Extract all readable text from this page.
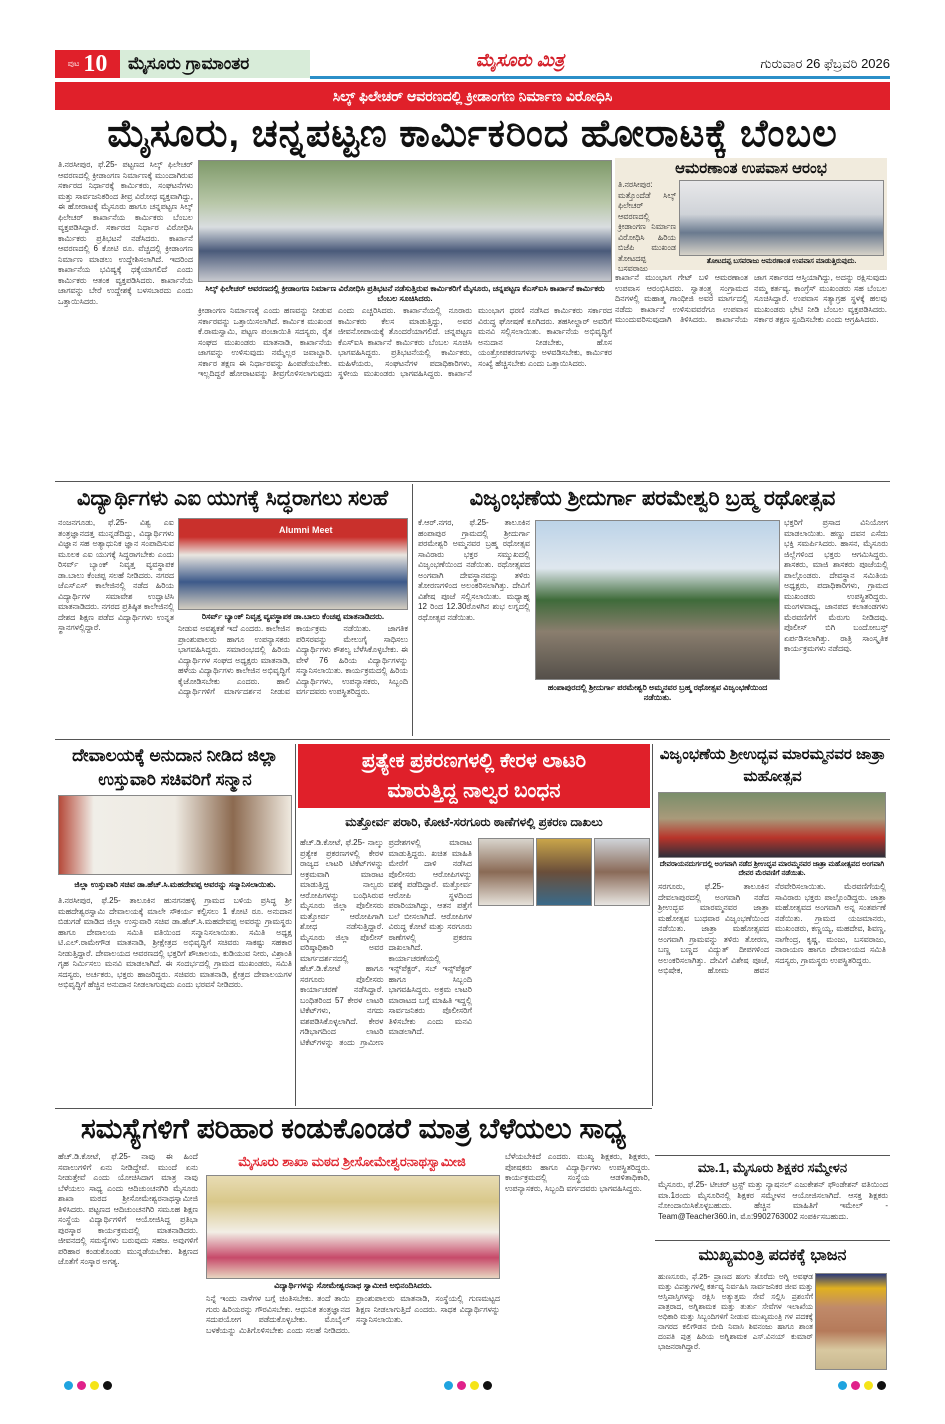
ಪುಟ 10	ಮೈಸೂರು ಗ್ರಾಮಾಂತರ	ಮೈಸೂರು ಮಿತ್ರ	ಗುರುವಾರ 26 ಫೆಬ್ರವರಿ 2026
ಸಿಲ್ಕ್ ಫಿಲೇಚರ್ ಆವರಣದಲ್ಲಿ ಕ್ರೀಡಾಂಗಣ ನಿರ್ಮಾಣ ವಿರೋಧಿಸಿ
ಮೈಸೂರು, ಚನ್ನಪಟ್ಟಣ ಕಾರ್ಮಿಕರಿಂದ ಹೋರಾಟಕ್ಕೆ ಬೆಂಬಲ
ತಿ.ನರಸೀಪುರ, ಫೆ.25- ಪಟ್ಟಣದ ಸಿಲ್ಕ್ ಫಿಲೇಚರ್ ಆವರಣದಲ್ಲಿ ಕ್ರೀಡಾಂಗಣ ನಿರ್ಮಾಣಕ್ಕೆ ಮುಂದಾಗಿರುವ ಸರ್ಕಾರದ ನಿರ್ಧಾರಕ್ಕೆ ಕಾರ್ಮಿಕರು, ಸಂಘಟನೆಗಳು ಮತ್ತು ಸಾರ್ವಜನಿಕರಿಂದ ತೀವ್ರ ವಿರೋಧ ವ್ಯಕ್ತವಾಗಿದ್ದು, ಈ ಹೋರಾಟಕ್ಕೆ ಮೈಸೂರು ಹಾಗೂ ಚನ್ನಪಟ್ಟಣ ಸಿಲ್ಕ್ ಫಿಲೇಚರ್ ಕಾರ್ಖಾನೆಯ ಕಾರ್ಮಿಕರು ಬೆಂಬಲ ವ್ಯಕ್ತಪಡಿಸಿದ್ದಾರೆ. ಸರ್ಕಾರದ ನಿರ್ಧಾರ ವಿರೋಧಿಸಿ ಕಾರ್ಮಿಕರು ಪ್ರತಿಭಟನೆ ನಡೆಸಿದರು. ಕಾರ್ಖಾನೆ ಆವರಣದಲ್ಲಿ 6 ಕೋಟಿ ರೂ. ವೆಚ್ಚದಲ್ಲಿ ಕ್ರೀಡಾಂಗಣ ನಿರ್ಮಾಣ ಮಾಡಲು ಉದ್ದೇಶಿಸಲಾಗಿದೆ. ಇದರಿಂದ ಕಾರ್ಖಾನೆಯ ಭವಿಷ್ಯಕ್ಕೆ ಧಕ್ಕೆಯಾಗಲಿದೆ ಎಂದು ಕಾರ್ಮಿಕರು ಆತಂಕ ವ್ಯಕ್ತಪಡಿಸಿದರು. ಕಾರ್ಖಾನೆಯ ಜಾಗವನ್ನು ಬೇರೆ ಉದ್ದೇಶಕ್ಕೆ ಬಳಸಬಾರದು ಎಂದು ಒತ್ತಾಯಿಸಿದರು.
ಸಿಲ್ಕ್ ಫಿಲೇಚರ್ ಆವರಣದಲ್ಲಿ ಕ್ರೀಡಾಂಗಣ ನಿರ್ಮಾಣ ವಿರೋಧಿಸಿ ಪ್ರತಿಭಟನೆ ನಡೆಸುತ್ತಿರುವ ಕಾರ್ಮಿಕರಿಗೆ ಮೈಸೂರು, ಚನ್ನಪಟ್ಟಣ ಕೆಎಸ್‌ಐಸಿ ಕಾರ್ಖಾನೆ ಕಾರ್ಮಿಕರು ಬೆಂಬಲ ಸೂಚಿಸಿದರು.
ಕ್ರೀಡಾಂಗಣ ನಿರ್ಮಾಣಕ್ಕೆ ಎಂದು ಹಣವನ್ನು ನೀಡುವ ಸರ್ಕಾರವನ್ನು ಒತ್ತಾಯಿಸಲಾಗಿದೆ. ಕಾರ್ಮಿಕ ಮುಖಂಡ ಕೆ.ರಾಮಸ್ವಾಮಿ, ಪಟ್ಟಣ ಪಂಚಾಯಿತಿ ಸದಸ್ಯರು, ರೈತ ಸಂಘದ ಮುಖಂಡರು ಮಾತನಾಡಿ, ಕಾರ್ಖಾನೆಯ ಜಾಗವನ್ನು ಉಳಿಸುವುದು ನಮ್ಮೆಲ್ಲರ ಜವಾಬ್ದಾರಿ. ಸರ್ಕಾರ ತಕ್ಷಣ ಈ ನಿರ್ಧಾರವನ್ನು ಹಿಂಪಡೆಯಬೇಕು. ಇಲ್ಲದಿದ್ದರೆ ಹೋರಾಟವನ್ನು ತೀವ್ರಗೊಳಿಸಲಾಗುವುದು ಎಂದು ಎಚ್ಚರಿಸಿದರು. ಕಾರ್ಖಾನೆಯಲ್ಲಿ ನೂರಾರು ಕಾರ್ಮಿಕರು ಕೆಲಸ ಮಾಡುತ್ತಿದ್ದು, ಅವರ ಜೀವನೋಪಾಯಕ್ಕೆ ತೊಂದರೆಯಾಗಲಿದೆ. ಚನ್ನಪಟ್ಟಣ ಕೆಎಸ್‌ಐಸಿ ಕಾರ್ಖಾನೆ ಕಾರ್ಮಿಕರು ಬೆಂಬಲ ಸೂಚಿಸಿ ಭಾಗವಹಿಸಿದ್ದರು. ಪ್ರತಿಭಟನೆಯಲ್ಲಿ ಕಾರ್ಮಿಕರು, ಮಹಿಳೆಯರು, ಸಂಘಟನೆಗಳ ಪದಾಧಿಕಾರಿಗಳು, ಸ್ಥಳೀಯ ಮುಖಂಡರು ಭಾಗವಹಿಸಿದ್ದರು. ಕಾರ್ಖಾನೆ ಮುಂಭಾಗ ಧರಣಿ ನಡೆಸಿದ ಕಾರ್ಮಿಕರು ಸರ್ಕಾರದ ವಿರುದ್ಧ ಘೋಷಣೆ ಕೂಗಿದರು. ತಹಸೀಲ್ದಾರ್ ಅವರಿಗೆ ಮನವಿ ಸಲ್ಲಿಸಲಾಯಿತು. ಕಾರ್ಖಾನೆಯ ಅಭಿವೃದ್ಧಿಗೆ ಅನುದಾನ ನೀಡಬೇಕು, ಹೊಸ ಯಂತ್ರೋಪಕರಣಗಳನ್ನು ಅಳವಡಿಸಬೇಕು, ಕಾರ್ಮಿಕರ ಸಂಖ್ಯೆ ಹೆಚ್ಚಿಸಬೇಕು ಎಂದು ಒತ್ತಾಯಿಸಿದರು.
ಆಮರಣಾಂತ ಉಪವಾಸ ಆರಂಭ
ತಿ.ನರಸೀಪುರ: ಮತ್ತೊಂದೆಡೆ ಸಿಲ್ಕ್ ಫಿಲೇಚರ್ ಆವರಣದಲ್ಲಿ ಕ್ರೀಡಾಂಗಣ ನಿರ್ಮಾಣ ವಿರೋಧಿಸಿ ಹಿರಿಯ ಬಿಜೆಪಿ ಮುಖಂಡ ತೋಟದಪ್ಪ ಬಸವರಾಜು
ತೋಟದಪ್ಪ ಬಸವರಾಜು ಆಮರಣಾಂತ ಉಪವಾಸ ಮಾಡುತ್ತಿರುವುದು.
ಕಾರ್ಖಾನೆ ಮುಂಭಾಗ ಗೇಟ್ ಬಳಿ ಆಮರಣಾಂತ ಉಪವಾಸ ಆರಂಭಿಸಿದರು. ಸ್ವಾತಂತ್ರ್ಯ ಸಂಗ್ರಾಮದ ದಿನಗಳಲ್ಲಿ ಮಹಾತ್ಮ ಗಾಂಧೀಜಿ ಅವರ ಮಾರ್ಗದಲ್ಲಿ ನಡೆದು ಕಾರ್ಖಾನೆ ಉಳಿಸುವವರೆಗೂ ಉಪವಾಸ ಮುಂದುವರಿಸುವುದಾಗಿ ತಿಳಿಸಿದರು. ಕಾರ್ಖಾನೆಯ ಜಾಗ ಸರ್ಕಾರದ ಆಸ್ತಿಯಾಗಿದ್ದು, ಅದನ್ನು ರಕ್ಷಿಸುವುದು ನಮ್ಮ ಕರ್ತವ್ಯ. ಕಾಂಗ್ರೆಸ್ ಮುಖಂಡರು ಸಹ ಬೆಂಬಲ ಸೂಚಿಸಿದ್ದಾರೆ. ಉಪವಾಸ ಸತ್ಯಾಗ್ರಹ ಸ್ಥಳಕ್ಕೆ ಹಲವು ಮುಖಂಡರು ಭೇಟಿ ನೀಡಿ ಬೆಂಬಲ ವ್ಯಕ್ತಪಡಿಸಿದರು. ಸರ್ಕಾರ ತಕ್ಷಣ ಸ್ಪಂದಿಸಬೇಕು ಎಂದು ಆಗ್ರಹಿಸಿದರು.
ವಿದ್ಯಾರ್ಥಿಗಳು ಎಐ ಯುಗಕ್ಕೆ ಸಿದ್ಧರಾಗಲು ಸಲಹೆ
ನಂಜನಗೂಡು, ಫೆ.25- ವಿಶ್ವ ಎಐ ತಂತ್ರಜ್ಞಾನದತ್ತ ಮುನ್ನಡೆದಿದ್ದು, ವಿದ್ಯಾರ್ಥಿಗಳು ವಿಜ್ಞಾನ ಸಹ ಅತ್ಯಾಧುನಿಕ ಜ್ಞಾನ ಸಂಪಾದಿಸುವ ಮೂಲಕ ಎಐ ಯುಗಕ್ಕೆ ಸಿದ್ಧರಾಗಬೇಕು ಎಂದು ರಿಸರ್ವ್ ಬ್ಯಾಂಕ್ ನಿವೃತ್ತ ವ್ಯವಸ್ಥಾಪಕ ಡಾ.ಬಾಲು ಕೆಂಚಪ್ಪ ಸಲಹೆ ನೀಡಿದರು. ನಗರದ ಜೆಎಸ್‌ಎಸ್ ಕಾಲೇಜಿನಲ್ಲಿ ನಡೆದ ಹಿರಿಯ ವಿದ್ಯಾರ್ಥಿಗಳ ಸಮಾವೇಶ ಉದ್ಘಾಟಿಸಿ ಮಾತನಾಡಿದರು. ನಗರದ ಪ್ರತಿಷ್ಠಿತ ಕಾಲೇಜಿನಲ್ಲಿ ದೇಶದ ಶಿಕ್ಷಣ ಪಡೆದ ವಿದ್ಯಾರ್ಥಿಗಳು ಉನ್ನತ ಸ್ಥಾನಗಳಲ್ಲಿದ್ದಾರೆ.
Alumni Meet
ರಿಸರ್ವ್ ಬ್ಯಾಂಕ್ ನಿವೃತ್ತ ವ್ಯವಸ್ಥಾಪಕ ಡಾ.ಬಾಲು ಕೆಂಚಪ್ಪ ಮಾತನಾಡಿದರು.
ನೀಡುವ ಅವಶ್ಯಕತೆ ಇದೆ ಎಂದರು. ಕಾಲೇಜಿನ ಪ್ರಾಂಶುಪಾಲರು ಹಾಗೂ ಉಪನ್ಯಾಸಕರು ಭಾಗವಹಿಸಿದ್ದರು. ಸಮಾರಂಭದಲ್ಲಿ ಹಿರಿಯ ವಿದ್ಯಾರ್ಥಿಗಳ ಸಂಘದ ಅಧ್ಯಕ್ಷರು ಮಾತನಾಡಿ, ಹಳೆಯ ವಿದ್ಯಾರ್ಥಿಗಳು ಕಾಲೇಜಿನ ಅಭಿವೃದ್ಧಿಗೆ ಕೈಜೋಡಿಸಬೇಕು ಎಂದರು. ಹಾಲಿ ವಿದ್ಯಾರ್ಥಿಗಳಿಗೆ ಮಾರ್ಗದರ್ಶನ ನೀಡುವ ಕಾರ್ಯಕ್ರಮ ನಡೆಯಿತು. ಜಾಗತಿಕ ಪರಿಸರವನ್ನು ಮೇಲುಗೈ ಸಾಧಿಸಲು ವಿದ್ಯಾರ್ಥಿಗಳು ಕೌಶಲ್ಯ ಬೆಳೆಸಿಕೊಳ್ಳಬೇಕು. ಈ ವೇಳೆ 76 ಹಿರಿಯ ವಿದ್ಯಾರ್ಥಿಗಳನ್ನು ಸನ್ಮಾನಿಸಲಾಯಿತು. ಕಾರ್ಯಕ್ರಮದಲ್ಲಿ ಹಿರಿಯ ವಿದ್ಯಾರ್ಥಿಗಳು, ಉಪನ್ಯಾಸಕರು, ಸಿಬ್ಬಂದಿ ವರ್ಗದವರು ಉಪಸ್ಥಿತರಿದ್ದರು.
ವಿಜೃಂಭಣೆಯ ಶ್ರೀದುರ್ಗಾ ಪರಮೇಶ್ವರಿ ಬ್ರಹ್ಮ ರಥೋತ್ಸವ
ಕೆ.ಆರ್.ನಗರ, ಫೆ.25- ತಾಲೂಕಿನ ಹಂಪಾಪುರ ಗ್ರಾಮದಲ್ಲಿ ಶ್ರೀದುರ್ಗಾ ಪರಮೇಶ್ವರಿ ಅಮ್ಮನವರ ಬ್ರಹ್ಮ ರಥೋತ್ಸವ ಸಾವಿರಾರು ಭಕ್ತರ ಸಮ್ಮುಖದಲ್ಲಿ ವಿಜೃಂಭಣೆಯಿಂದ ನಡೆಯಿತು. ರಥೋತ್ಸವದ ಅಂಗವಾಗಿ ದೇವಸ್ಥಾನವನ್ನು ತಳಿರು ತೋರಣಗಳಿಂದ ಅಲಂಕರಿಸಲಾಗಿತ್ತು. ದೇವಿಗೆ ವಿಶೇಷ ಪೂಜೆ ಸಲ್ಲಿಸಲಾಯಿತು. ಮಧ್ಯಾಹ್ನ 12 ರಿಂದ 12.30ರೊಳಗಿನ ಶುಭ ಲಗ್ನದಲ್ಲಿ ರಥೋತ್ಸವ ನಡೆಯಿತು.
ಹಂಪಾಪುರದಲ್ಲಿ ಶ್ರೀದುರ್ಗಾ ಪರಮೇಶ್ವರಿ ಅಮ್ಮನವರ ಬ್ರಹ್ಮ ರಥೋತ್ಸವ ವಿಜೃಂಭಣೆಯಿಂದ ನಡೆಯಿತು.
ಭಕ್ತರಿಗೆ ಪ್ರಸಾದ ವಿನಿಯೋಗ ಮಾಡಲಾಯಿತು. ಹಣ್ಣು ದವನ ಎಸೆದು ಭಕ್ತಿ ಸಮರ್ಪಿಸಿದರು. ಹಾಸನ, ಮೈಸೂರು ಜಿಲ್ಲೆಗಳಿಂದ ಭಕ್ತರು ಆಗಮಿಸಿದ್ದರು. ಶಾಸಕರು, ಮಾಜಿ ಶಾಸಕರು ಪೂಜೆಯಲ್ಲಿ ಪಾಲ್ಗೊಂಡರು. ದೇವಸ್ಥಾನ ಸಮಿತಿಯ ಅಧ್ಯಕ್ಷರು, ಪದಾಧಿಕಾರಿಗಳು, ಗ್ರಾಮದ ಮುಖಂಡರು ಉಪಸ್ಥಿತರಿದ್ದರು. ಮಂಗಳವಾದ್ಯ, ಜಾನಪದ ಕಲಾತಂಡಗಳು ಮೆರವಣಿಗೆಗೆ ಮೆರುಗು ನೀಡಿದವು. ಪೊಲೀಸ್ ಬಿಗಿ ಬಂದೋಬಸ್ತ್ ಏರ್ಪಡಿಸಲಾಗಿತ್ತು. ರಾತ್ರಿ ಸಾಂಸ್ಕೃತಿಕ ಕಾರ್ಯಕ್ರಮಗಳು ನಡೆದವು.
ದೇವಾಲಯಕ್ಕೆ ಅನುದಾನ ನೀಡಿದ ಜಿಲ್ಲಾ ಉಸ್ತುವಾರಿ ಸಚಿವರಿಗೆ ಸನ್ಮಾನ
ಜಿಲ್ಲಾ ಉಸ್ತುವಾರಿ ಸಚಿವ ಡಾ.ಹೆಚ್.ಸಿ.ಮಹದೇವಪ್ಪ ಅವರನ್ನು ಸನ್ಮಾನಿಸಲಾಯಿತು.
ತಿ.ನರಸೀಪುರ, ಫೆ.25- ತಾಲೂಕಿನ ಹುನಗನಹಳ್ಳಿ ಗ್ರಾಮದ ಬಳಿಯ ಪ್ರಸಿದ್ಧ ಶ್ರೀ ಮಹದೇಶ್ವರಸ್ವಾಮಿ ದೇವಾಲಯಕ್ಕೆ ಮಾಲೇ ಸೌಕರ್ಯ ಕಲ್ಪಿಸಲು 1 ಕೋಟಿ ರೂ. ಅನುದಾನ ಬಿಡುಗಡೆ ಮಾಡಿದ ಜಿಲ್ಲಾ ಉಸ್ತುವಾರಿ ಸಚಿವ ಡಾ.ಹೆಚ್.ಸಿ.ಮಹದೇವಪ್ಪ ಅವರನ್ನು ಗ್ರಾಮಸ್ಥರು ಹಾಗೂ ದೇವಾಲಯ ಸಮಿತಿ ವತಿಯಿಂದ ಸನ್ಮಾನಿಸಲಾಯಿತು. ಸಮಿತಿ ಅಧ್ಯಕ್ಷ ಟಿ.ಎಲ್.ರಾಮೇಗೌಡ ಮಾತನಾಡಿ, ಶ್ರೀಕ್ಷೇತ್ರದ ಅಭಿವೃದ್ಧಿಗೆ ಸಚಿವರು ಸಾಕಷ್ಟು ಸಹಕಾರ ನೀಡುತ್ತಿದ್ದಾರೆ. ದೇವಾಲಯದ ಆವರಣದಲ್ಲಿ ಭಕ್ತರಿಗೆ ಶೌಚಾಲಯ, ಕುಡಿಯುವ ನೀರು, ವಿಶ್ರಾಂತಿ ಗೃಹ ನಿರ್ಮಿಸಲು ಮನವಿ ಮಾಡಲಾಗಿದೆ. ಈ ಸಂದರ್ಭದಲ್ಲಿ ಗ್ರಾಮದ ಮುಖಂಡರು, ಸಮಿತಿ ಸದಸ್ಯರು, ಅರ್ಚಕರು, ಭಕ್ತರು ಹಾಜರಿದ್ದರು. ಸಚಿವರು ಮಾತನಾಡಿ, ಕ್ಷೇತ್ರದ ದೇವಾಲಯಗಳ ಅಭಿವೃದ್ಧಿಗೆ ಹೆಚ್ಚಿನ ಅನುದಾನ ನೀಡಲಾಗುವುದು ಎಂದು ಭರವಸೆ ನೀಡಿದರು.
ಪ್ರತ್ಯೇಕ ಪ್ರಕರಣಗಳಲ್ಲಿ ಕೇರಳ ಲಾಟರಿ
ಮಾರುತ್ತಿದ್ದ ನಾಲ್ವರ ಬಂಧನ
ಮತ್ತೋರ್ವ ಪರಾರಿ, ಕೋಟೆ-ಸರಗೂರು ಠಾಣೆಗಳಲ್ಲಿ ಪ್ರಕರಣ ದಾಖಲು
ಹೆಚ್.ಡಿ.ಕೋಟೆ, ಫೆ.25- ನಾಲ್ಕು ಪ್ರತ್ಯೇಕ ಪ್ರಕರಣಗಳಲ್ಲಿ ಕೇರಳ ರಾಜ್ಯದ ಲಾಟರಿ ಟಿಕೆಟ್‌ಗಳನ್ನು ಅಕ್ರಮವಾಗಿ ಮಾರಾಟ ಮಾಡುತ್ತಿದ್ದ ನಾಲ್ವರು ಆರೋಪಿಗಳನ್ನು ಬಂಧಿಸಿರುವ ಮೈಸೂರು ಜಿಲ್ಲಾ ಪೊಲೀಸರು ಮತ್ತೋರ್ವ ಆರೋಪಿಗಾಗಿ ಶೋಧ ನಡೆಸುತ್ತಿದ್ದಾರೆ. ಮೈಸೂರು ಜಿಲ್ಲಾ ಪೊಲೀಸ್ ವರಿಷ್ಠಾಧಿಕಾರಿ ಅವರ ಮಾರ್ಗದರ್ಶನದಲ್ಲಿ ಹೆಚ್.ಡಿ.ಕೋಟೆ ಹಾಗೂ ಸರಗೂರು ಪೊಲೀಸರು ಕಾರ್ಯಾಚರಣೆ ನಡೆಸಿದ್ದಾರೆ. ಬಂಧಿತರಿಂದ 57 ಕೇರಳ ಲಾಟರಿ ಟಿಕೆಟ್‌ಗಳು, ನಗದು ವಶಪಡಿಸಿಕೊಳ್ಳಲಾಗಿದೆ. ಕೇರಳ ಗಡಿಭಾಗದಿಂದ ಲಾಟರಿ ಟಿಕೆಟ್‌ಗಳನ್ನು ತಂದು ಗ್ರಾಮೀಣ ಪ್ರದೇಶಗಳಲ್ಲಿ ಮಾರಾಟ ಮಾಡುತ್ತಿದ್ದರು. ಖಚಿತ ಮಾಹಿತಿ ಮೇರೆಗೆ ದಾಳಿ ನಡೆಸಿದ ಪೊಲೀಸರು ಆರೋಪಿಗಳನ್ನು ವಶಕ್ಕೆ ಪಡೆದಿದ್ದಾರೆ. ಮತ್ತೋರ್ವ ಆರೋಪಿ ಸ್ಥಳದಿಂದ ಪರಾರಿಯಾಗಿದ್ದು, ಆತನ ಪತ್ತೆಗೆ ಬಲೆ ಬೀಸಲಾಗಿದೆ. ಆರೋಪಿಗಳ ವಿರುದ್ಧ ಕೋಟೆ ಮತ್ತು ಸರಗೂರು ಠಾಣೆಗಳಲ್ಲಿ ಪ್ರಕರಣ ದಾಖಲಾಗಿದೆ. ಕಾರ್ಯಾಚರಣೆಯಲ್ಲಿ ಇನ್ಸ್‌ಪೆಕ್ಟರ್, ಸಬ್ ಇನ್ಸ್‌ಪೆಕ್ಟರ್ ಹಾಗೂ ಸಿಬ್ಬಂದಿ ಭಾಗವಹಿಸಿದ್ದರು. ಅಕ್ರಮ ಲಾಟರಿ ಮಾರಾಟದ ಬಗ್ಗೆ ಮಾಹಿತಿ ಇದ್ದಲ್ಲಿ ಸಾರ್ವಜನಿಕರು ಪೊಲೀಸರಿಗೆ ತಿಳಿಸಬೇಕು ಎಂದು ಮನವಿ ಮಾಡಲಾಗಿದೆ.
ವಿಜೃಂಭಣೆಯ ಶ್ರೀಉದ್ಭವ ಮಾರಮ್ಮನವರ ಜಾತ್ರಾ ಮಹೋತ್ಸವ
ದೇವರಾಯನದುರ್ಗದಲ್ಲಿ ಅಂಗವಾಗಿ ನಡೆದ ಶ್ರೀಉದ್ಭವ ಮಾರಮ್ಮನವರ ಜಾತ್ರಾ ಮಹೋತ್ಸವದ ಅಂಗವಾಗಿ ದೇವರ ಮೆರವಣಿಗೆ ನಡೆಯಿತು.
ಸರಗೂರು, ಫೆ.25- ತಾಲೂಕಿನ ದೇವಲಾಪುರದಲ್ಲಿ ಅಂಗವಾಗಿ ನಡೆದ ಶ್ರೀಉದ್ಭವ ಮಾರಮ್ಮನವರ ಜಾತ್ರಾ ಮಹೋತ್ಸವ ಬುಧವಾರ ವಿಜೃಂಭಣೆಯಿಂದ ನಡೆಯಿತು. ಜಾತ್ರಾ ಮಹೋತ್ಸವದ ಅಂಗವಾಗಿ ಗ್ರಾಮವನ್ನು ತಳಿರು ತೋರಣ, ಬಣ್ಣ ಬಣ್ಣದ ವಿದ್ಯುತ್ ದೀಪಗಳಿಂದ ಅಲಂಕರಿಸಲಾಗಿತ್ತು. ದೇವಿಗೆ ವಿಶೇಷ ಪೂಜೆ, ಅಭಿಷೇಕ, ಹೋಮ ಹವನ ನೆರವೇರಿಸಲಾಯಿತು. ಮೆರವಣಿಗೆಯಲ್ಲಿ ಸಾವಿರಾರು ಭಕ್ತರು ಪಾಲ್ಗೊಂಡಿದ್ದರು. ಜಾತ್ರಾ ಮಹೋತ್ಸವದ ಅಂಗವಾಗಿ ಅನ್ನ ಸಂತರ್ಪಣೆ ನಡೆಯಿತು. ಗ್ರಾಮದ ಯಜಮಾನರು, ಮುಖಂಡರು, ಕಣ್ಣಯ್ಯ, ಮಹದೇವ, ಶಿವಣ್ಣ, ನಾಗೇಂದ್ರ, ಕೃಷ್ಣ, ಮಂಜು, ಬಸವರಾಜು, ನಾರಾಯಣ ಹಾಗೂ ದೇವಾಲಯದ ಸಮಿತಿ ಸದಸ್ಯರು, ಗ್ರಾಮಸ್ಥರು ಉಪಸ್ಥಿತರಿದ್ದರು.
ಸಮಸ್ಯೆಗಳಿಗೆ ಪರಿಹಾರ ಕಂಡುಕೊಂಡರೆ ಮಾತ್ರ ಬೆಳೆಯಲು ಸಾಧ್ಯ
ಹೆಚ್.ಡಿ.ಕೋಟೆ, ಫೆ.25- ನಾವು ಈ ಹಿಂದೆ ಸವಾಲುಗಳಿಗೆ ಏನು ನೀಡಿದ್ದೇವೆ. ಮುಂದೆ ಏನು ನೀಡುತ್ತೇವೆ ಎಂದು ಯೋಚಿಸಿದಾಗ ಮಾತ್ರ ನಾವು ಬೆಳೆಯಲು ಸಾಧ್ಯ ಎಂದು ಆದಿಚುಂಚನಗಿರಿ ಮೈಸೂರು ಶಾಖಾ ಮಠದ ಶ್ರೀಸೋಮೇಶ್ವರನಾಥಸ್ವಾಮೀಜಿ ತಿಳಿಸಿದರು. ಪಟ್ಟಣದ ಆದಿಚುಂಚನಗಿರಿ ಸಮೂಹ ಶಿಕ್ಷಣ ಸಂಸ್ಥೆಯ ವಿದ್ಯಾರ್ಥಿಗಳಿಗೆ ಆಯೋಜಿಸಿದ್ದ ಪ್ರತಿಭಾ ಪುರಸ್ಕಾರ ಕಾರ್ಯಕ್ರಮದಲ್ಲಿ ಮಾತನಾಡಿದರು. ಜೀವನದಲ್ಲಿ ಸಮಸ್ಯೆಗಳು ಬರುವುದು ಸಹಜ. ಅವುಗಳಿಗೆ ಪರಿಹಾರ ಕಂಡುಕೊಂಡು ಮುನ್ನಡೆಯಬೇಕು. ಶಿಕ್ಷಣದ ಜೊತೆಗೆ ಸಂಸ್ಕಾರ ಅಗತ್ಯ.
ಮೈಸೂರು ಶಾಖಾ ಮಠದ ಶ್ರೀಸೋಮೇಶ್ವರನಾಥಸ್ವಾಮೀಜಿ
ವಿದ್ಯಾರ್ಥಿಗಳನ್ನು ಸೋಮೇಶ್ವರನಾಥ ಸ್ವಾಮೀಜಿ ಅಭಿನಂದಿಸಿದರು.
ನಿನ್ನೆ ಇಂದು ನಾಳೆಗಳ ಬಗ್ಗೆ ಚಿಂತಿಸಬೇಕು. ತಂದೆ ತಾಯಿ ಗುರು ಹಿರಿಯರನ್ನು ಗೌರವಿಸಬೇಕು. ಆಧುನಿಕ ತಂತ್ರಜ್ಞಾನದ ಸದುಪಯೋಗ ಪಡೆದುಕೊಳ್ಳಬೇಕು. ಮೊಬೈಲ್ ಬಳಕೆಯನ್ನು ಮಿತಿಗೊಳಿಸಬೇಕು ಎಂದು ಸಲಹೆ ನೀಡಿದರು. ಪ್ರಾಂಶುಪಾಲರು ಮಾತನಾಡಿ, ಸಂಸ್ಥೆಯಲ್ಲಿ ಗುಣಮಟ್ಟದ ಶಿಕ್ಷಣ ನೀಡಲಾಗುತ್ತಿದೆ ಎಂದರು. ಸಾಧಕ ವಿದ್ಯಾರ್ಥಿಗಳನ್ನು ಸನ್ಮಾನಿಸಲಾಯಿತು.
ಬೆಳೆಯಬೇಕಿದೆ ಎಂದರು. ಮುಖ್ಯ ಶಿಕ್ಷಕರು, ಶಿಕ್ಷಕರು, ಪೋಷಕರು ಹಾಗೂ ವಿದ್ಯಾರ್ಥಿಗಳು ಉಪಸ್ಥಿತರಿದ್ದರು. ಕಾರ್ಯಕ್ರಮದಲ್ಲಿ ಸಂಸ್ಥೆಯ ಆಡಳಿತಾಧಿಕಾರಿ, ಉಪನ್ಯಾಸಕರು, ಸಿಬ್ಬಂದಿ ವರ್ಗದವರು ಭಾಗವಹಿಸಿದ್ದರು.
ಮಾ.1, ಮೈಸೂರು ಶಿಕ್ಷಕರ ಸಮ್ಮೇಳನ
ಮೈಸೂರು, ಫೆ.25- ಟೀಚರ್ ಟ್ರಸ್ಟ್ ಮತ್ತು ನ್ಯಾಷನಲ್ ಎಜುಕೇಶನ್ ಫೌಂಡೇಶನ್ ವತಿಯಿಂದ ಮಾ.1ರಂದು ಮೈಸೂರಿನಲ್ಲಿ ಶಿಕ್ಷಕರ ಸಮ್ಮೇಳನ ಆಯೋಜಿಸಲಾಗಿದೆ. ಆಸಕ್ತ ಶಿಕ್ಷಕರು ನೋಂದಾಯಿಸಿಕೊಳ್ಳಬಹುದು. ಹೆಚ್ಚಿನ ಮಾಹಿತಿಗೆ ಇಮೇಲ್ - Team@Teacher360.in, ಮೊ:9902763002 ಸಂಪರ್ಕಿಸಬಹುದು.
ಮುಖ್ಯಮಂತ್ರಿ ಪದಕಕ್ಕೆ ಭಾಜನ
ಹುಣಸೂರು, ಫೆ.25- ಪ್ರಾಣದ ಹಂಗು ತೊರೆದು ಅಗ್ನಿ ಅವಘಡ ಮತ್ತು ವಿಪತ್ತುಗಳಲ್ಲಿ ಕರ್ತವ್ಯ ನಿರ್ವಹಿಸಿ ಸಾರ್ವಜನಿಕರ ಜೀವ ಮತ್ತು ಆಸ್ತಿಪಾಸ್ತಿಗಳನ್ನು ರಕ್ಷಿಸಿ ಅತ್ಯುತ್ತಮ ಸೇವೆ ಸಲ್ಲಿಸಿ ಪ್ರಶಂಸೆಗೆ ಪಾತ್ರರಾದ, ಅಗ್ನಿಶಾಮಕ ಮತ್ತು ತುರ್ತು ಸೇವೆಗಳ ಇಲಾಖೆಯ ಅಧಿಕಾರಿ ಮತ್ತು ಸಿಬ್ಬಂದಿಗಳಿಗೆ ನೀಡುವ ಮುಖ್ಯಮಂತ್ರಿ ಗಳ ಪದಕಕ್ಕೆ ನಾಗರದ ಕಲಿಗೌಡನ ಬೀದಿ ನಿವಾಸಿ ಶಿವನಂಜು ಹಾಗೂ ಶಾಂತ ದಂಪತಿ ಪುತ್ರ ಹಿರಿಯ ಅಗ್ನಿಶಾಮಕ ಎಸ್.ವಿನಯ್ ಕುಮಾರ್ ಭಾಜನರಾಗಿದ್ದಾರೆ.
